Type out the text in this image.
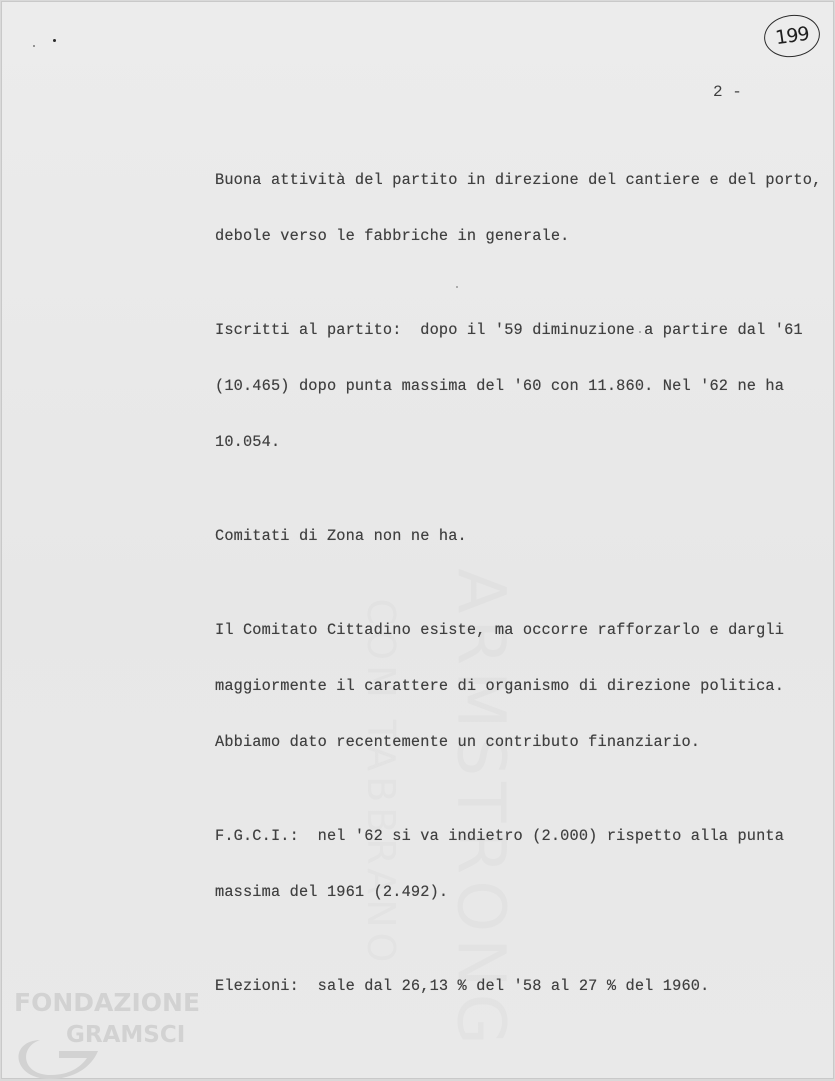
199
2 -
ARMSTRONG

Buona attività del partito in direzione del cantiere e del porto,

debole verso le fabbriche in generale.

Iscritti al partito:  dopo il '59 diminuzione a partire dal '61

(10.465) dopo punta massima del '60 con 11.860. Nel '62 ne ha

10.054.

Comitati di Zona non ne ha.

Il Comitato Cittadino esiste, ma occorre rafforzarlo e dargli

maggiormente il carattere di organismo di direzione politica.

Abbiamo dato recentemente un contributo finanziario.

F.G.C.I.:  nel '62 si va indietro (2.000) rispetto alla punta

massima del 1961 (2.492).

Elezioni:  sale dal 26,13 % del '58 al 27 % del 1960.

FONDAZIONE
GRAMSCI
